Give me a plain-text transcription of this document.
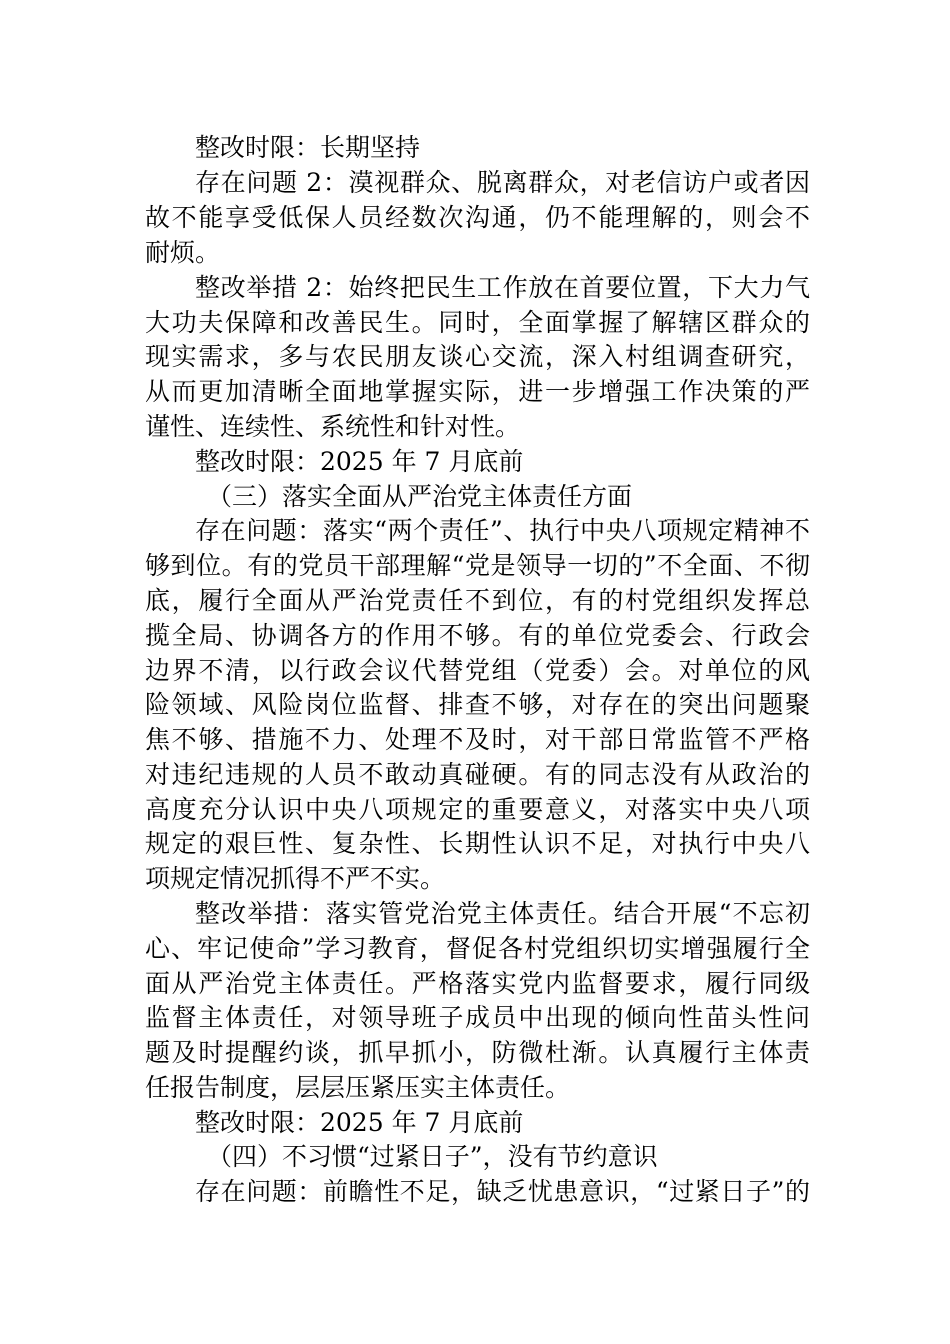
整改时限：长期坚持
存在问题 2：漠视群众、脱离群众，对老信访户或者因
故不能享受低保人员经数次沟通，仍不能理解的，则会不
耐烦。
整改举措 2：始终把民生工作放在首要位置，下大力气
大功夫保障和改善民生。同时，全面掌握了解辖区群众的
现实需求，多与农民朋友谈心交流，深入村组调查研究，
从而更加清晰全面地掌握实际，进一步增强工作决策的严
谨性、连续性、系统性和针对性。
整改时限：2025 年 7 月底前
（三）落实全面从严治党主体责任方面
存在问题：落实“两个责任”、执行中央八项规定精神不
够到位。有的党员干部理解“党是领导一切的”不全面、不彻
底，履行全面从严治党责任不到位，有的村党组织发挥总
揽全局、协调各方的作用不够。有的单位党委会、行政会
边界不清，以行政会议代替党组（党委）会。对单位的风
险领域、风险岗位监督、排查不够，对存在的突出问题聚
焦不够、措施不力、处理不及时，对干部日常监管不严格
对违纪违规的人员不敢动真碰硬。有的同志没有从政治的
高度充分认识中央八项规定的重要意义，对落实中央八项
规定的艰巨性、复杂性、长期性认识不足，对执行中央八
项规定情况抓得不严不实。
整改举措：落实管党治党主体责任。结合开展“不忘初
心、牢记使命”学习教育，督促各村党组织切实增强履行全
面从严治党主体责任。严格落实党内监督要求，履行同级
监督主体责任，对领导班子成员中出现的倾向性苗头性问
题及时提醒约谈，抓早抓小，防微杜渐。认真履行主体责
任报告制度，层层压紧压实主体责任。
整改时限：2025 年 7 月底前
（四）不习惯“过紧日子”，没有节约意识
存在问题：前瞻性不足，缺乏忧患意识，“过紧日子”的
